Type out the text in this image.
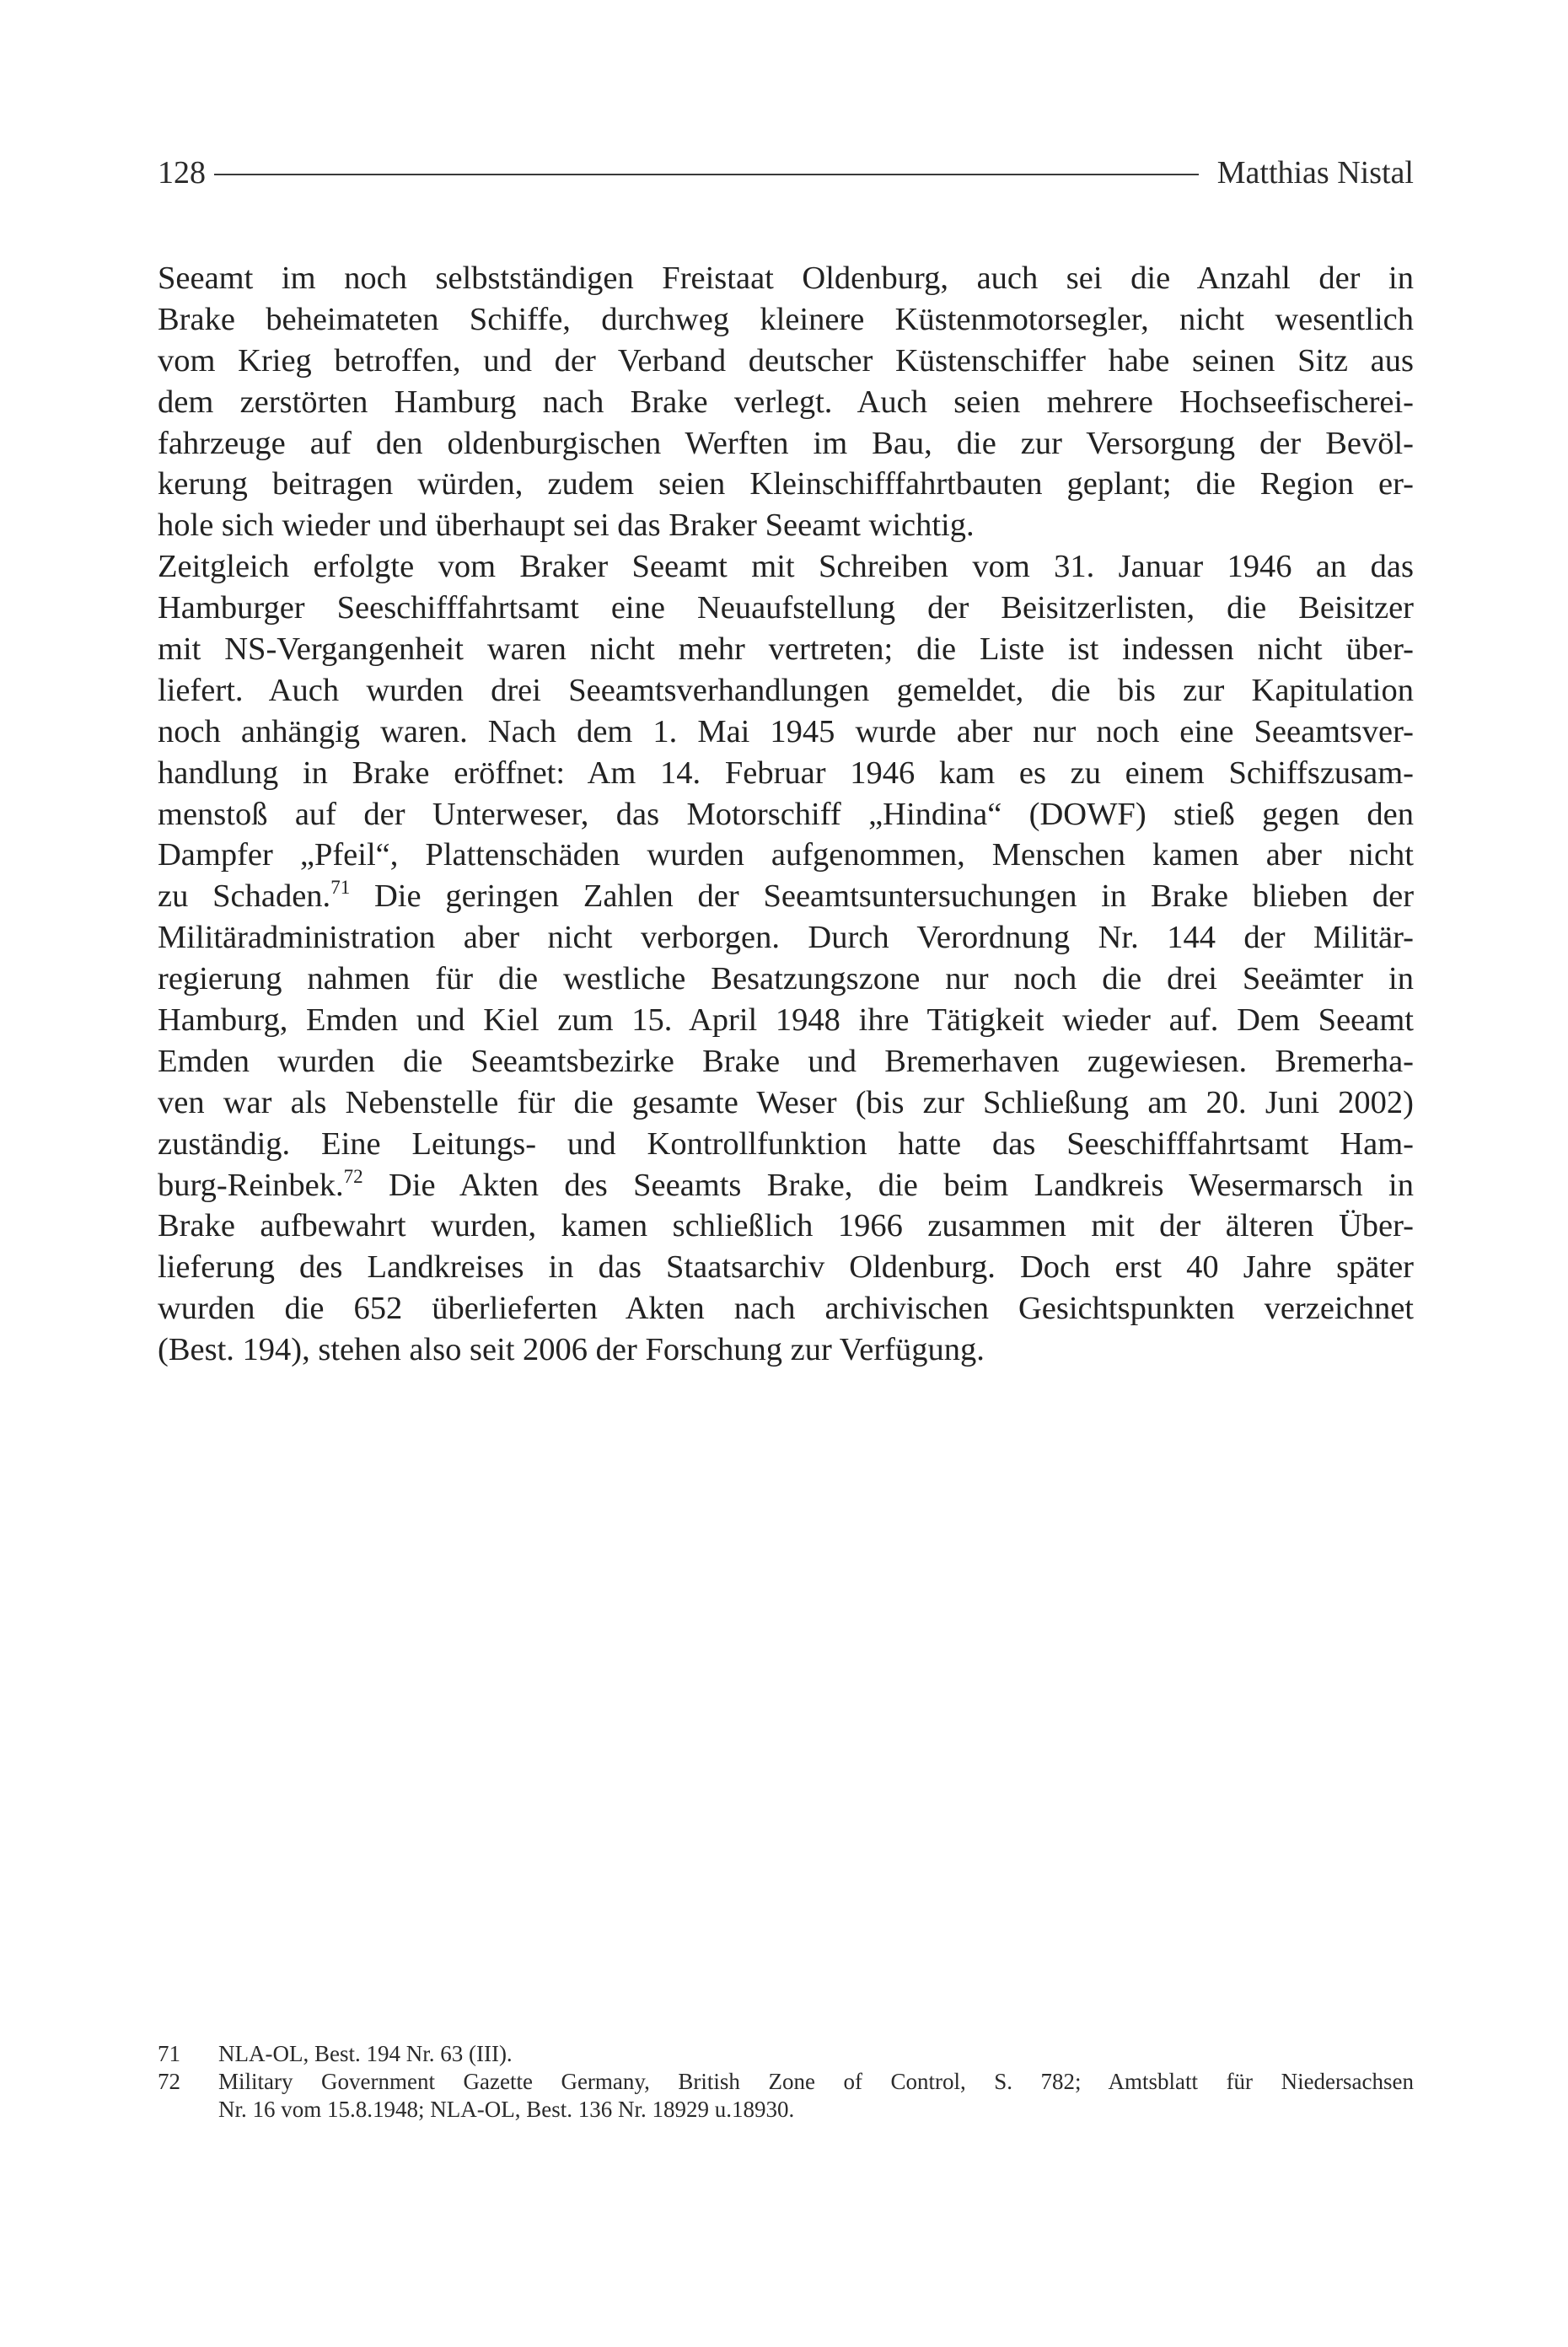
128	Matthias Nistal
Seeamt im noch selbstständigen Freistaat Oldenburg, auch sei die Anzahl der in
Brake beheimateten Schiffe, durchweg kleinere Küstenmotorsegler, nicht wesentlich
vom Krieg betroffen, und der Verband deutscher Küstenschiffer habe seinen Sitz aus
dem zerstörten Hamburg nach Brake verlegt. Auch seien mehrere Hochseefischerei-
fahrzeuge auf den oldenburgischen Werften im Bau, die zur Versorgung der Bevöl-
kerung beitragen würden, zudem seien Kleinschifffahrtbauten geplant; die Region er-
hole sich wieder und überhaupt sei das Braker Seeamt wichtig.
Zeitgleich erfolgte vom Braker Seeamt mit Schreiben vom 31. Januar 1946 an das
Hamburger Seeschifffahrtsamt eine Neuaufstellung der Beisitzerlisten, die Beisitzer
mit NS-Vergangenheit waren nicht mehr vertreten; die Liste ist indessen nicht über-
liefert. Auch wurden drei Seeamtsverhandlungen gemeldet, die bis zur Kapitulation
noch anhängig waren. Nach dem 1. Mai 1945 wurde aber nur noch eine Seeamtsver-
handlung in Brake eröffnet: Am 14. Februar 1946 kam es zu einem Schiffszusam-
menstoß auf der Unterweser, das Motorschiff „Hindina“ (DOWF) stieß gegen den
Dampfer „Pfeil“, Plattenschäden wurden aufgenommen, Menschen kamen aber nicht
zu Schaden.$^{71}$ Die geringen Zahlen der Seeamtsuntersuchungen in Brake blieben der
Militäradministration aber nicht verborgen. Durch Verordnung Nr. 144 der Militär-
regierung nahmen für die westliche Besatzungszone nur noch die drei Seeämter in
Hamburg, Emden und Kiel zum 15. April 1948 ihre Tätigkeit wieder auf. Dem Seeamt
Emden wurden die Seeamtsbezirke Brake und Bremerhaven zugewiesen. Bremerha-
ven war als Nebenstelle für die gesamte Weser (bis zur Schließung am 20. Juni 2002)
zuständig. Eine Leitungs- und Kontrollfunktion hatte das Seeschifffahrtsamt Ham-
burg-Reinbek.$^{72}$ Die Akten des Seeamts Brake, die beim Landkreis Wesermarsch in
Brake aufbewahrt wurden, kamen schließlich 1966 zusammen mit der älteren Über-
lieferung des Landkreises in das Staatsarchiv Oldenburg. Doch erst 40 Jahre später
wurden die 652 überlieferten Akten nach archivischen Gesichtspunkten verzeichnet
(Best. 194), stehen also seit 2006 der Forschung zur Verfügung.
71 NLA-OL, Best. 194 Nr. 63 (III).
72 Military Government Gazette Germany, British Zone of Control, S. 782; Amtsblatt für Niedersachsen
Nr. 16 vom 15.8.1948; NLA-OL, Best. 136 Nr. 18929 u.18930.
